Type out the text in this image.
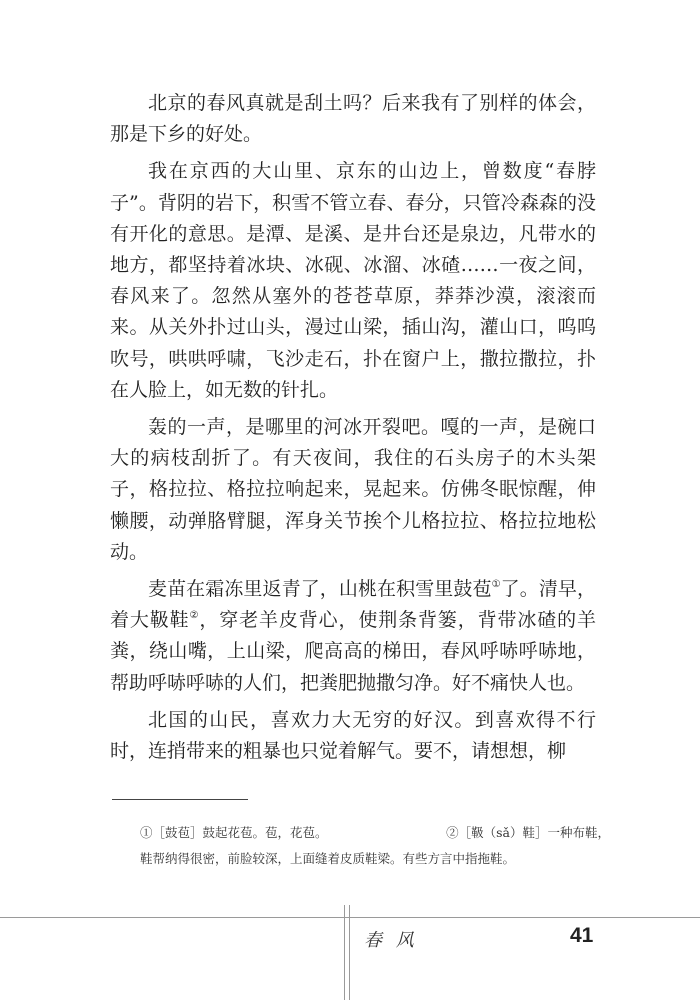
北京的春风真就是刮土吗？后来我有了别样的体会，那是下乡的好处。

我在京西的大山里、京东的山边上，曾数度“春脖子”。背阴的岩下，积雪不管立春、春分，只管冷森森的没有开化的意思。是潭、是溪、是井台还是泉边，凡带水的地方，都坚持着冰块、冰砚、冰溜、冰碴……一夜之间，春风来了。忽然从塞外的苍苍草原，莽莽沙漠，滚滚而来。从关外扑过山头，漫过山梁，插山沟，灌山口，呜呜吹号，哄哄呼啸，飞沙走石，扑在窗户上，撒拉撒拉，扑在人脸上，如无数的针扎。

轰的一声，是哪里的河冰开裂吧。嘎的一声，是碗口大的病枝刮折了。有天夜间，我住的石头房子的木头架子，格拉拉、格拉拉响起来，晃起来。仿佛冬眠惊醒，伸懒腰，动弹胳臂腿，浑身关节挨个儿格拉拉、格拉拉地松动。

麦苗在霜冻里返青了，山桃在积雪里鼓苞①了。清早，着大靸鞋②，穿老羊皮背心，使荆条背篓，背带冰碴的羊粪，绕山嘴，上山梁，爬高高的梯田，春风呼哧呼哧地，帮助呼哧呼哧的人们，把粪肥抛撒匀净。好不痛快人也。

北国的山民，喜欢力大无穷的好汉。到喜欢得不行时，连捎带来的粗暴也只觉着解气。要不，请想想，柳

①［鼓苞］鼓起花苞。苞，花苞。	②［靸（sǎ）鞋］一种布鞋，
鞋帮纳得很密，前脸较深，上面缝着皮质鞋梁。有些方言中指拖鞋。
春 风	41
